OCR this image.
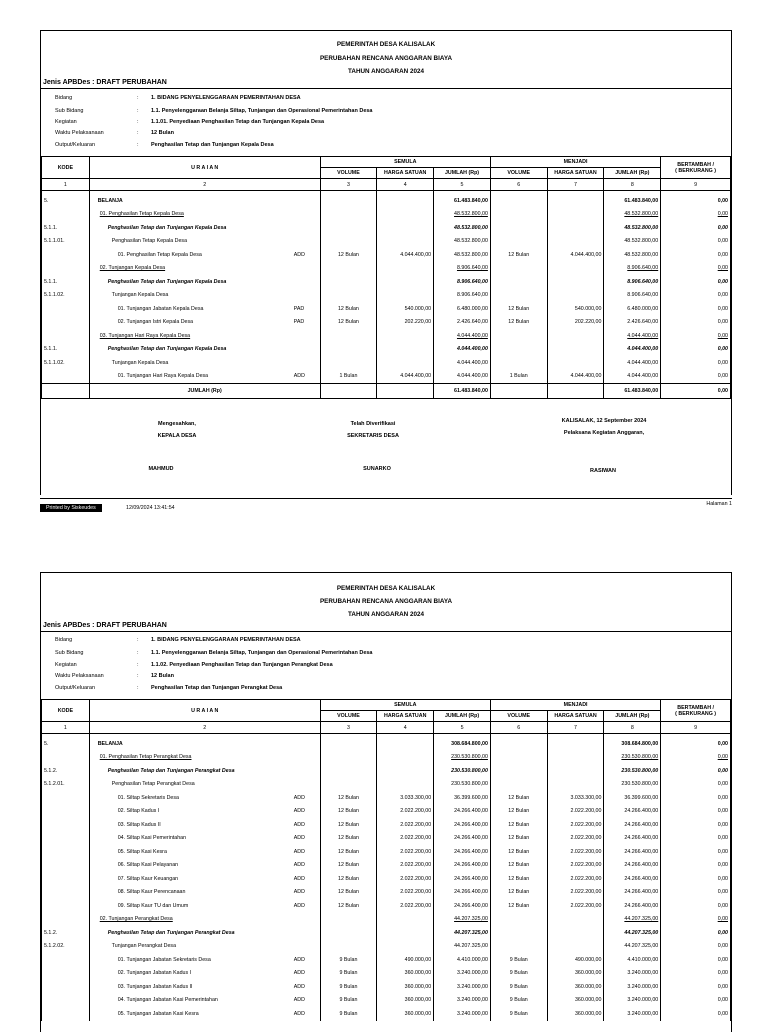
PEMERINTAH DESA KALISALAK
PERUBAHAN RENCANA ANGGARAN BIAYA
TAHUN ANGGARAN 2024
Jenis APBDes : DRAFT PERUBAHAN
Bidang	: 1. BIDANG PENYELENGGARAAN PEMERINTAHAN DESA
Sub Bidang	: 1.1. Penyelenggaraan Belanja Siltap, Tunjangan dan Operasional Pemerintahan Desa
Kegiatan	: 1.1.01. Penyediaan Penghasilan Tetap dan Tunjangan Kepala Desa
Waktu Pelaksanaan	: 12 Bulan
Output/Keluaran	: Penghasilan Tetap dan Tunjangan Kepala Desa
KODE	U R A I A N	SEMULA			MENJADI			BERTAMBAH /
( BERKURANG )

		VOLUME	HARGA SATUAN	JUMLAH (Rp)	VOLUME	HARGA SATUAN	JUMLAH (Rp)	
1	2	3	4	5	6	7	8	9
5.	BELANJA			61.483.840,00			61.483.840,00	0,00

	01. Penghasilan Tetap Kepala Desa			48.532.800,00			48.532.800,00	0,00
5.1.1.	Penghasilan Tetap dan Tunjangan Kepala Desa			48.532.800,00			48.532.800,00	0,00
5.1.1.01.	Penghasilan Tetap Kepala Desa			48.532.800,00			48.532.800,00	0,00

	01. Penghasilan Tetap Kepala Desa ADD	12 Bulan	4.044.400,00	48.532.800,00	12 Bulan	4.044.400,00	48.532.800,00	0,00

	02. Tunjangan Kepala Desa			8.906.640,00			8.906.640,00	0,00
5.1.1.	Penghasilan Tetap dan Tunjangan Kepala Desa			8.906.640,00			8.906.640,00	0,00
5.1.1.02.	Tunjangan Kepala Desa			8.906.640,00			8.906.640,00	0,00

	01. Tunjangan Jabatan Kepala Desa PAD	12 Bulan	540.000,00	6.480.000,00	12 Bulan	540.000,00	6.480.000,00	0,00

	02. Tunjangan Istri Kepala Desa PAD	12 Bulan	202.220,00	2.426.640,00	12 Bulan	202.220,00	2.426.640,00	0,00

	03. Tunjangan Hari Raya Kepala Desa			4.044.400,00			4.044.400,00	0,00
5.1.1.	Penghasilan Tetap dan Tunjangan Kepala Desa			4.044.400,00			4.044.400,00	0,00
5.1.1.02.	Tunjangan Kepala Desa			4.044.400,00			4.044.400,00	0,00

	01. Tunjangan Hari Raya Kepala Desa ADD	1 Bulan	4.044.400,00	4.044.400,00	1 Bulan	4.044.400,00	4.044.400,00	0,00
	JUMLAH (Rp)			61.483.840,00			61.483.840,00	0,00
Mengesahkan,
KEPALA DESA
Telah Diverifikasi
SEKRETARIS DESA
KALISALAK, 12 September 2024
Pelaksana Kegiatan Anggaran,
MAHMUD	SUNARKO	RASIWAN
Printed by Siskeudes	12/09/2024 13:41:54
Halaman 1
PEMERINTAH DESA KALISALAK
PERUBAHAN RENCANA ANGGARAN BIAYA
TAHUN ANGGARAN 2024
Jenis APBDes : DRAFT PERUBAHAN
Bidang	: 1. BIDANG PENYELENGGARAAN PEMERINTAHAN DESA
Sub Bidang	: 1.1. Penyelenggaraan Belanja Siltap, Tunjangan dan Operasional Pemerintahan Desa
Kegiatan	: 1.1.02. Penyediaan Penghasilan Tetap dan Tunjangan Perangkat Desa
Waktu Pelaksanaan	: 12 Bulan
Output/Keluaran	: Penghasilan Tetap dan Tunjangan Perangkat Desa
KODE	U R A I A N	SEMULA			MENJADI			BERTAMBAH /
( BERKURANG )

		VOLUME	HARGA SATUAN	JUMLAH (Rp)	VOLUME	HARGA SATUAN	JUMLAH (Rp)	
1	2	3	4	5	6	7	8	9
5.	BELANJA			308.684.800,00			308.684.800,00	0,00

	01. Penghasilan Tetap Perangkat Desa			230.530.800,00			230.530.800,00	0,00
5.1.2.	Penghasilan Tetap dan Tunjangan Perangkat Desa			230.530.800,00			230.530.800,00	0,00
5.1.2.01.	Penghasilan Tetap Perangkat Desa			230.530.800,00			230.530.800,00	0,00

	01. Siltap Sekretaris Desa ADD	12 Bulan	3.033.300,00	36.399.600,00	12 Bulan	3.033.300,00	36.399.600,00	0,00

	02. Siltap Kadus I ADD	12 Bulan	2.022.200,00	24.266.400,00	12 Bulan	2.022.200,00	24.266.400,00	0,00

	03. Siltap Kadus II ADD	12 Bulan	2.022.200,00	24.266.400,00	12 Bulan	2.022.200,00	24.266.400,00	0,00

	04. Siltap Kasi Pemerintahan ADD	12 Bulan	2.022.200,00	24.266.400,00	12 Bulan	2.022.200,00	24.266.400,00	0,00

	05. Siltap Kasi Kesra ADD	12 Bulan	2.022.200,00	24.266.400,00	12 Bulan	2.022.200,00	24.266.400,00	0,00

	06. Siltap Kasi Pelayanan ADD	12 Bulan	2.022.200,00	24.266.400,00	12 Bulan	2.022.200,00	24.266.400,00	0,00

	07. Siltap Kaur Keuangan ADD	12 Bulan	2.022.200,00	24.266.400,00	12 Bulan	2.022.200,00	24.266.400,00	0,00

	08. Siltap Kaur Perencanaan ADD	12 Bulan	2.022.200,00	24.266.400,00	12 Bulan	2.022.200,00	24.266.400,00	0,00

	09. Siltap Kaur TU dan Umum ADD	12 Bulan	2.022.200,00	24.266.400,00	12 Bulan	2.022.200,00	24.266.400,00	0,00

	02. Tunjangan Perangkat Desa			44.207.325,00			44.207.325,00	0,00
5.1.2.	Penghasilan Tetap dan Tunjangan Perangkat Desa			44.207.325,00			44.207.325,00	0,00
5.1.2.02.	Tunjangan Perangkat Desa			44.207.325,00			44.207.325,00	0,00

	01. Tunjangan Jabatan Sekretaris Desa ADD	9 Bulan	490.000,00	4.410.000,00	9 Bulan	490.000,00	4.410.000,00	0,00

	02. Tunjangan Jabatan Kadus I ADD	9 Bulan	360.000,00	3.240.000,00	9 Bulan	360.000,00	3.240.000,00	0,00

	03. Tunjangan Jabatan Kadus II ADD	9 Bulan	360.000,00	3.240.000,00	9 Bulan	360.000,00	3.240.000,00	0,00

	04. Tunjangan Jabatan Kasi Pemerintahan ADD	9 Bulan	360.000,00	3.240.000,00	9 Bulan	360.000,00	3.240.000,00	0,00

	05. Tunjangan Jabatan Kasi Kesra ADD	9 Bulan	360.000,00	3.240.000,00	9 Bulan	360.000,00	3.240.000,00	0,00
